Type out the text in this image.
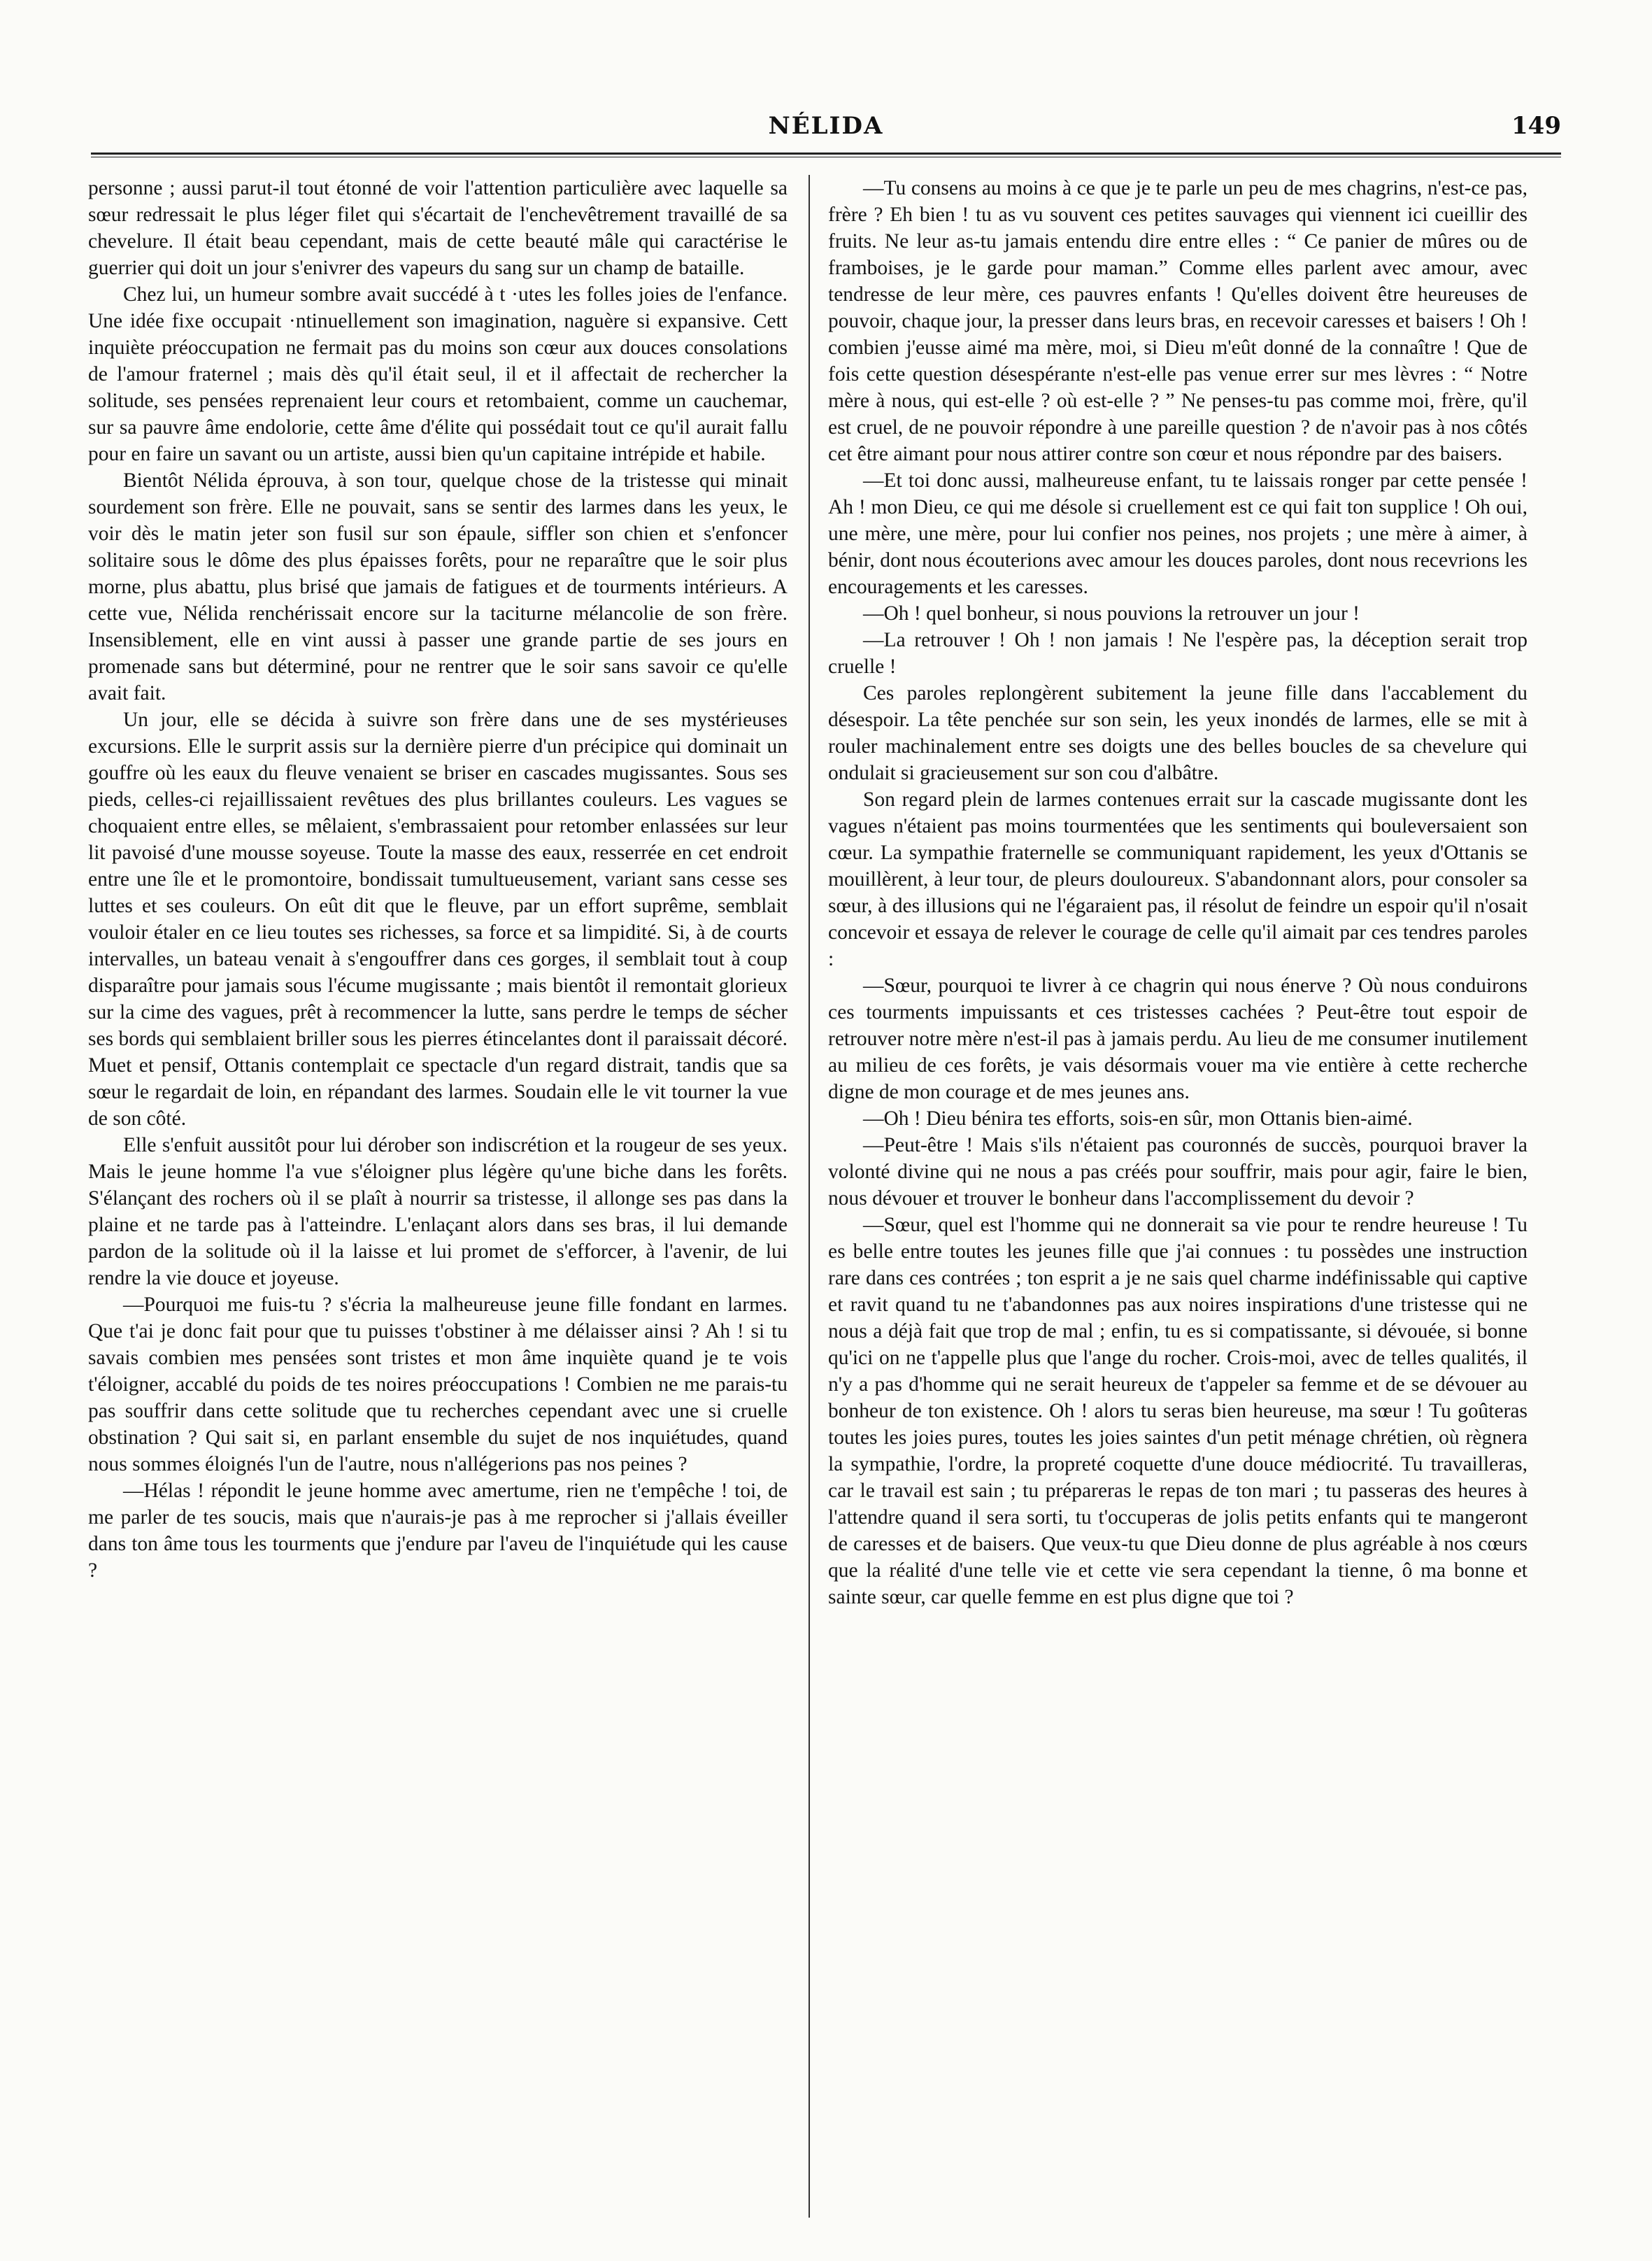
NÉLIDA	149

personne ; aussi parut-il tout étonné de voir l'attention particulière avec laquelle sa sœur redressait le plus léger filet qui s'écartait de l'enchevêtrement travaillé de sa chevelure. Il était beau cependant, mais de cette beauté mâle qui caractérise le guerrier qui doit un jour s'enivrer des vapeurs du sang sur un champ de bataille.

Chez lui, un humeur sombre avait succédé à t ·utes les folles joies de l'enfance. Une idée fixe occupait ·ntinuellement son imagination, naguère si expansive. Cett inquiète préoccupation ne fermait pas du moins son cœur aux douces consolations de l'amour fraternel ; mais dès qu'il était seul, il et il affectait de rechercher la solitude, ses pensées reprenaient leur cours et retombaient, comme un cauchemar, sur sa pauvre âme endolorie, cette âme d'élite qui possédait tout ce qu'il aurait fallu pour en faire un savant ou un artiste, aussi bien qu'un capitaine intrépide et habile.

Bientôt Nélida éprouva, à son tour, quelque chose de la tristesse qui minait sourdement son frère. Elle ne pouvait, sans se sentir des larmes dans les yeux, le voir dès le matin jeter son fusil sur son épaule, siffler son chien et s'enfoncer solitaire sous le dôme des plus épaisses forêts, pour ne reparaître que le soir plus morne, plus abattu, plus brisé que jamais de fatigues et de tourments intérieurs. A cette vue, Nélida renchérissait encore sur la taciturne mélancolie de son frère. Insensiblement, elle en vint aussi à passer une grande partie de ses jours en promenade sans but déterminé, pour ne rentrer que le soir sans savoir ce qu'elle avait fait.

Un jour, elle se décida à suivre son frère dans une de ses mystérieuses excursions. Elle le surprit assis sur la dernière pierre d'un précipice qui dominait un gouffre où les eaux du fleuve venaient se briser en cascades mugissantes. Sous ses pieds, celles-ci rejaillissaient revêtues des plus brillantes couleurs. Les vagues se choquaient entre elles, se mêlaient, s'embrassaient pour retomber enlassées sur leur lit pavoisé d'une mousse soyeuse. Toute la masse des eaux, resserrée en cet endroit entre une île et le promontoire, bondissait tumultueusement, variant sans cesse ses luttes et ses couleurs. On eût dit que le fleuve, par un effort suprême, semblait vouloir étaler en ce lieu toutes ses richesses, sa force et sa limpidité. Si, à de courts intervalles, un bateau venait à s'engouffrer dans ces gorges, il semblait tout à coup disparaître pour jamais sous l'écume mugissante ; mais bientôt il remontait glorieux sur la cime des vagues, prêt à recommencer la lutte, sans perdre le temps de sécher ses bords qui semblaient briller sous les pierres étincelantes dont il paraissait décoré. Muet et pensif, Ottanis contemplait ce spectacle d'un regard distrait, tandis que sa sœur le regardait de loin, en répandant des larmes. Soudain elle le vit tourner la vue de son côté.

Elle s'enfuit aussitôt pour lui dérober son indiscrétion et la rougeur de ses yeux. Mais le jeune homme l'a vue s'éloigner plus légère qu'une biche dans les forêts. S'élançant des rochers où il se plaît à nourrir sa tristesse, il allonge ses pas dans la plaine et ne tarde pas à l'atteindre. L'enlaçant alors dans ses bras, il lui demande pardon de la solitude où il la laisse et lui promet de s'efforcer, à l'avenir, de lui rendre la vie douce et joyeuse.

—Pourquoi me fuis-tu ? s'écria la malheureuse jeune fille fondant en larmes. Que t'ai je donc fait pour que tu puisses t'obstiner à me délaisser ainsi ? Ah ! si tu savais combien mes pensées sont tristes et mon âme inquiète quand je te vois t'éloigner, accablé du poids de tes noires préoccupations ! Combien ne me parais-tu pas souffrir dans cette solitude que tu recherches cependant avec une si cruelle obstination ? Qui sait si, en parlant ensemble du sujet de nos inquiétudes, quand nous sommes éloignés l'un de l'autre, nous n'allégerions pas nos peines ?

—Hélas ! répondit le jeune homme avec amertume, rien ne t'empêche ! toi, de me parler de tes soucis, mais que n'aurais-je pas à me reprocher si j'allais éveiller dans ton âme tous les tourments que j'endure par l'aveu de l'inquiétude qui les cause ?

—Tu consens au moins à ce que je te parle un peu de mes chagrins, n'est-ce pas, frère ? Eh bien ! tu as vu souvent ces petites sauvages qui viennent ici cueillir des fruits. Ne leur as-tu jamais entendu dire entre elles : “ Ce panier de mûres ou de framboises, je le garde pour maman.” Comme elles parlent avec amour, avec tendresse de leur mère, ces pauvres enfants ! Qu'elles doivent être heureuses de pouvoir, chaque jour, la presser dans leurs bras, en recevoir caresses et baisers ! Oh ! combien j'eusse aimé ma mère, moi, si Dieu m'eût donné de la connaître ! Que de fois cette question désespérante n'est-elle pas venue errer sur mes lèvres : “ Notre mère à nous, qui est-elle ? où est-elle ? ” Ne penses-tu pas comme moi, frère, qu'il est cruel, de ne pouvoir répondre à une pareille question ? de n'avoir pas à nos côtés cet être aimant pour nous attirer contre son cœur et nous répondre par des baisers.

—Et toi donc aussi, malheureuse enfant, tu te laissais ronger par cette pensée ! Ah ! mon Dieu, ce qui me désole si cruellement est ce qui fait ton supplice ! Oh oui, une mère, une mère, pour lui confier nos peines, nos projets ; une mère à aimer, à bénir, dont nous écouterions avec amour les douces paroles, dont nous recevrions les encouragements et les caresses.

—Oh ! quel bonheur, si nous pouvions la retrouver un jour !

—La retrouver ! Oh ! non jamais ! Ne l'espère pas, la déception serait trop cruelle !

Ces paroles replongèrent subitement la jeune fille dans l'accablement du désespoir. La tête penchée sur son sein, les yeux inondés de larmes, elle se mit à rouler machinalement entre ses doigts une des belles boucles de sa chevelure qui ondulait si gracieusement sur son cou d'albâtre.

Son regard plein de larmes contenues errait sur la cascade mugissante dont les vagues n'étaient pas moins tourmentées que les sentiments qui bouleversaient son cœur. La sympathie fraternelle se communiquant rapidement, les yeux d'Ottanis se mouillèrent, à leur tour, de pleurs douloureux. S'abandonnant alors, pour consoler sa sœur, à des illusions qui ne l'égaraient pas, il résolut de feindre un espoir qu'il n'osait concevoir et essaya de relever le courage de celle qu'il aimait par ces tendres paroles :

—Sœur, pourquoi te livrer à ce chagrin qui nous énerve ? Où nous conduirons ces tourments impuissants et ces tristesses cachées ? Peut-être tout espoir de retrouver notre mère n'est-il pas à jamais perdu. Au lieu de me consumer inutilement au milieu de ces forêts, je vais désormais vouer ma vie entière à cette recherche digne de mon courage et de mes jeunes ans.

—Oh ! Dieu bénira tes efforts, sois-en sûr, mon Ottanis bien-aimé.

—Peut-être ! Mais s'ils n'étaient pas couronnés de succès, pourquoi braver la volonté divine qui ne nous a pas créés pour souffrir, mais pour agir, faire le bien, nous dévouer et trouver le bonheur dans l'accomplissement du devoir ?

—Sœur, quel est l'homme qui ne donnerait sa vie pour te rendre heureuse ! Tu es belle entre toutes les jeunes fille que j'ai connues : tu possèdes une instruction rare dans ces contrées ; ton esprit a je ne sais quel charme indéfinissable qui captive et ravit quand tu ne t'abandonnes pas aux noires inspirations d'une tristesse qui ne nous a déjà fait que trop de mal ; enfin, tu es si compatissante, si dévouée, si bonne qu'ici on ne t'appelle plus que l'ange du rocher. Crois-moi, avec de telles qualités, il n'y a pas d'homme qui ne serait heureux de t'appeler sa femme et de se dévouer au bonheur de ton existence. Oh ! alors tu seras bien heureuse, ma sœur ! Tu goûteras toutes les joies pures, toutes les joies saintes d'un petit ménage chrétien, où règnera la sympathie, l'ordre, la propreté coquette d'une douce médiocrité. Tu travailleras, car le travail est sain ; tu prépareras le repas de ton mari ; tu passeras des heures à l'attendre quand il sera sorti, tu t'occuperas de jolis petits enfants qui te mangeront de caresses et de baisers. Que veux-tu que Dieu donne de plus agréable à nos cœurs que la réalité d'une telle vie et cette vie sera cependant la tienne, ô ma bonne et sainte sœur, car quelle femme en est plus digne que toi ?
